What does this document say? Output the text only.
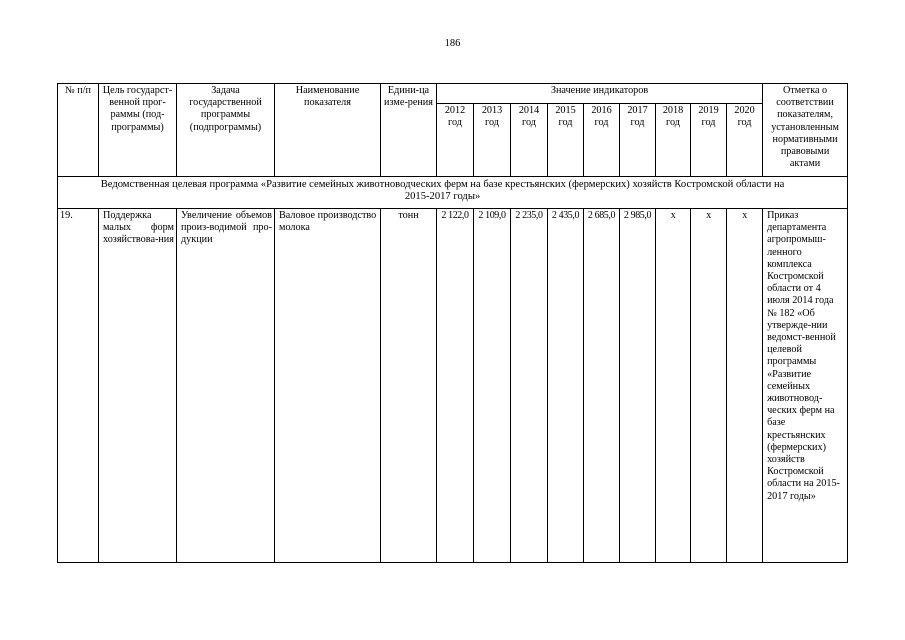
186
№ п/п	Цель государст-венной прог-раммы (под-программы)	Задача государственной программы (подпрограммы)	Наименование показателя	Едини-ца изме-рения	Значение индикаторов									Отметка о соответствии показателям, установленным нормативными правовыми актами
					2012 год	2013 год	2014 год	2015 год	2016 год	2017 год	2018 год	2019 год	2020 год	
Ведомственная целевая программа «Развитие семейных животноводческих ферм на базе крестьянских (фермерских) хозяйств Костромской области на 2015-2017 годы»														
19.	Поддержка малых форм хозяйствова-ния	Увеличение объемов произ-водимой про-дукции	Валовое производство молока	тонн	2 122,0	2 109,0	2 235,0	2 435,0	2 685,0	2 985,0	x	x	x	Приказ департамента агропромыш-ленного комплекса Костромской области от 4 июля 2014 года № 182 «Об утвержде-нии ведомст-венной целевой программы «Развитие семейных животновод-ческих ферм на базе крестьянских (фермерских) хозяйств Костромской области на 2015-2017 годы»
